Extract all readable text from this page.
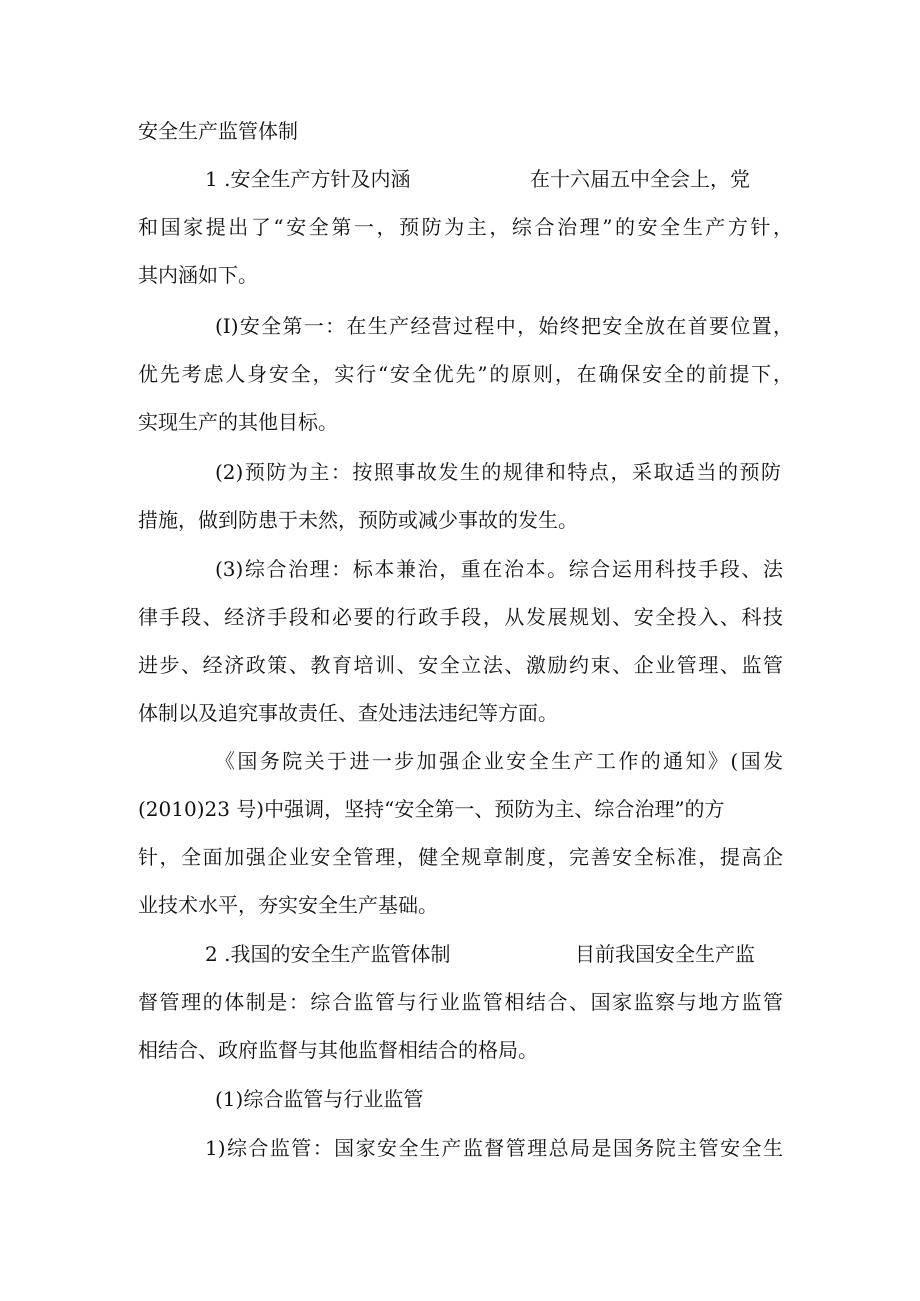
安全生产监管体制
1 .安全生产方针及内涵	在十六届五中全会上，党
和国家提出了“安全第一，预防为主，综合治理”的安全生产方针，
其内涵如下。
(I)安全第一：在生产经营过程中，始终把安全放在首要位置，
优先考虑人身安全，实行“安全优先”的原则，在确保安全的前提下，
实现生产的其他目标。
(2)预防为主：按照事故发生的规律和特点，采取适当的预防
措施，做到防患于未然，预防或减少事故的发生。
(3)综合治理：标本兼治，重在治本。综合运用科技手段、法
律手段、经济手段和必要的行政手段，从发展规划、安全投入、科技
进步、经济政策、教育培训、安全立法、激励约束、企业管理、监管
体制以及追究事故责任、查处违法违纪等方面。
《国务院关于进一步加强企业安全生产工作的通知》(国发
(2010)23 号)中强调，坚持“安全第一、预防为主、综合治理”的方
针，全面加强企业安全管理，健全规章制度，完善安全标准，提高企
业技术水平，夯实安全生产基础。
2 .我国的安全生产监管体制	目前我国安全生产监
督管理的体制是：综合监管与行业监管相结合、国家监察与地方监管
相结合、政府监督与其他监督相结合的格局。
(1)综合监管与行业监管
1)综合监管：国家安全生产监督管理总局是国务院主管安全生
